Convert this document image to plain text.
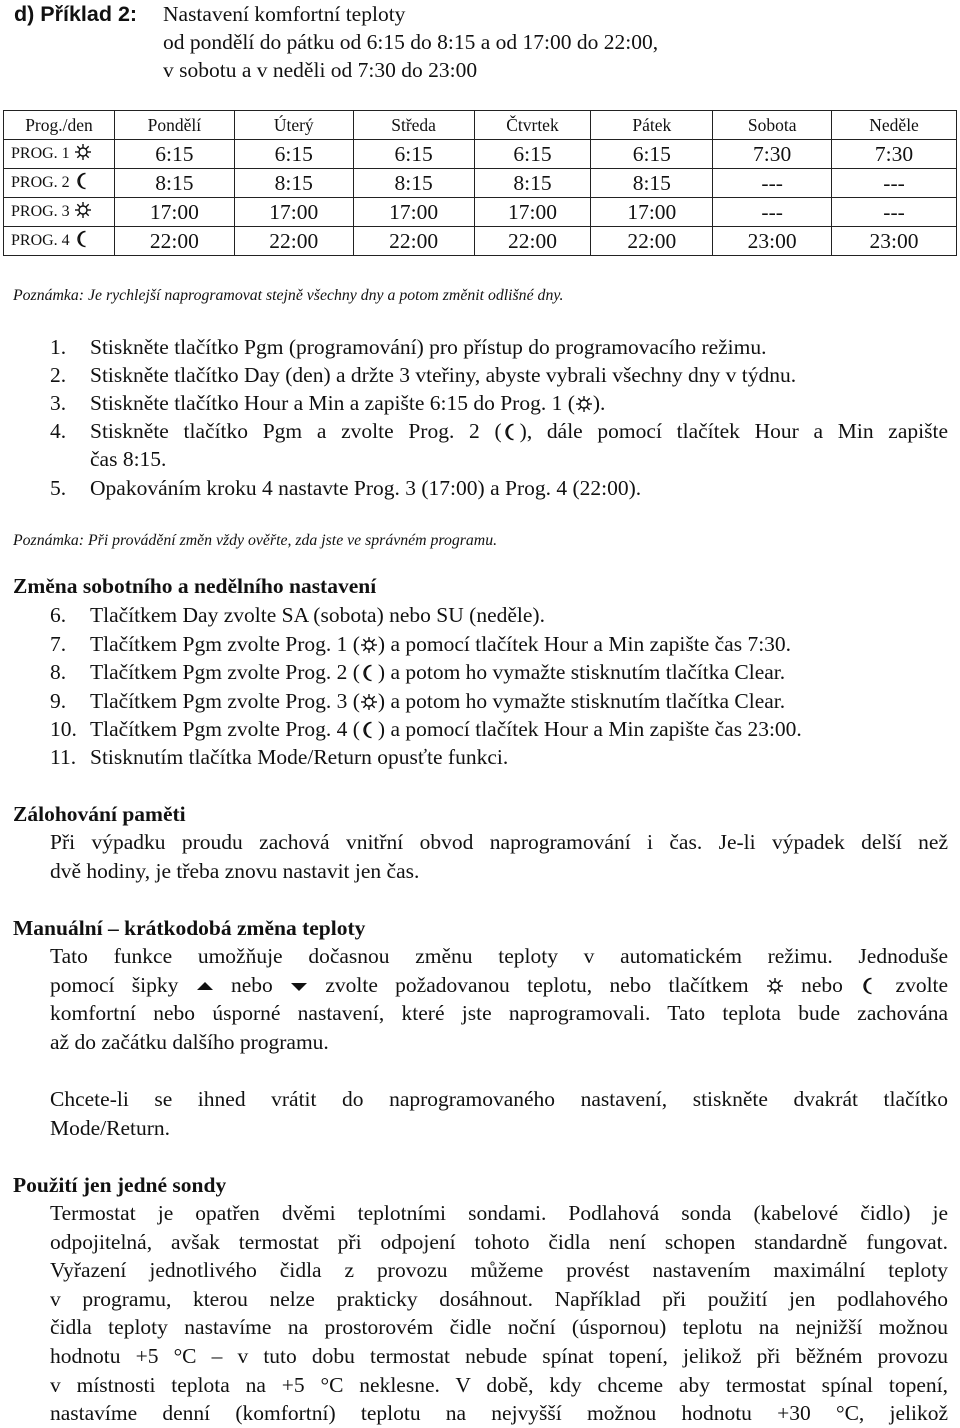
d) Příklad 2: Nastavení komfortní teploty
od pondělí do pátku od 6:15 do 8:15 a od 17:00 do 22:00,
v sobotu a v neděli od 7:30 do 23:00
Prog./den	Pondělí	Úterý	Středa	Čtvrtek	Pátek	Sobota	Neděle
PROG. 1	6:15	6:15	6:15	6:15	6:15	7:30	7:30
PROG. 2	8:15	8:15	8:15	8:15	8:15	---	---
PROG. 3	17:00	17:00	17:00	17:00	17:00	---	---
PROG. 4	22:00	22:00	22:00	22:00	22:00	23:00	23:00
Poznámka: Je rychlejší naprogramovat stejně všechny dny a potom změnit odlišné dny.
1. Stiskněte tlačítko Pgm (programování) pro přístup do programovacího režimu.
2. Stiskněte tlačítko Day (den) a držte 3 vteřiny, abyste vybrali všechny dny v týdnu.
3. Stiskněte tlačítko Hour a Min a zapište 6:15 do Prog. 1 ( ).
4. Stiskněte tlačítko Pgm a zvolte Prog. 2 ( ), dále pomocí tlačítek Hour a Min zapište
čas 8:15.
5. Opakováním kroku 4 nastavte Prog. 3 (17:00) a Prog. 4 (22:00).
Poznámka: Při provádění změn vždy ověřte, zda jste ve správném programu.
Změna sobotního a nedělního nastavení
6. Tlačítkem Day zvolte SA (sobota) nebo SU (neděle).
7. Tlačítkem Pgm zvolte Prog. 1 ( ) a pomocí tlačítek Hour a Min zapište čas 7:30.
8. Tlačítkem Pgm zvolte Prog. 2 ( ) a potom ho vymažte stisknutím tlačítka Clear.
9. Tlačítkem Pgm zvolte Prog. 3 ( ) a potom ho vymažte stisknutím tlačítka Clear.
10. Tlačítkem Pgm zvolte Prog. 4 ( ) a pomocí tlačítek Hour a Min zapište čas 23:00.
11. Stisknutím tlačítka Mode/Return opusťte funkci.
Zálohování paměti
Při výpadku proudu zachová vnitřní obvod naprogramování i čas. Je-li výpadek delší než
dvě hodiny, je třeba znovu nastavit jen čas.
Manuální – krátkodobá změna teploty
Tato funkce umožňuje dočasnou změnu teploty v automatickém režimu. Jednoduše
pomocí šipky nebo zvolte požadovanou teplotu, nebo tlačítkem nebo zvolte
komfortní nebo úsporné nastavení, které jste naprogramovali. Tato teplota bude zachována
až do začátku dalšího programu.
Chcete-li se ihned vrátit do naprogramovaného nastavení, stiskněte dvakrát tlačítko
Mode/Return.
Použití jen jedné sondy
Termostat je opatřen dvěmi teplotními sondami. Podlahová sonda (kabelové čidlo) je
odpojitelná, avšak termostat při odpojení tohoto čidla není schopen standardně fungovat.
Vyřazení jednotlivého čidla z provozu můžeme provést nastavením maximální teploty
v programu, kterou nelze prakticky dosáhnout. Například při použití jen podlahového
čidla teploty nastavíme na prostorovém čidle noční (úspornou) teplotu na nejnižší možnou
hodnotu +5 °C – v tuto dobu termostat nebude spínat topení, jelikož při běžném provozu
v místnosti teplota na +5 °C neklesne. V době, kdy chceme aby termostat spínal topení,
nastavíme denní (komfortní) teplotu na nejvyšší možnou hodnotu +30 °C, jelikož
